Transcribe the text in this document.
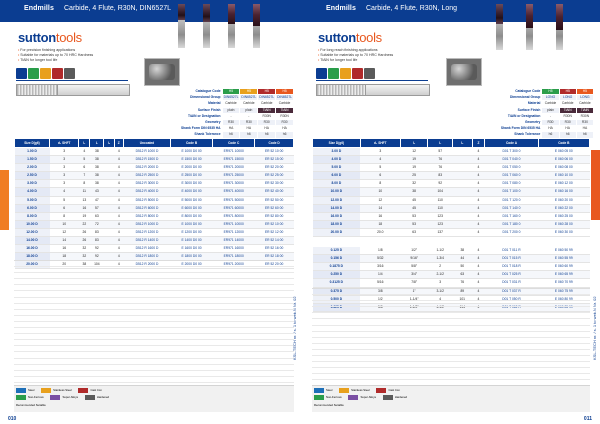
Endmills Carbide, 4 Flute, R30N, DIN6527L
suttontools
• For precision finishing applications
• Suitable for materials up to 70 HRC Hardness
• TiAlN for longer tool life
Catalogue Code	H5	H5	H5	H5
Dimensional Group	DIN6527L	DIN6527L	DIN6527L	DIN6527L
Material	Carbide	Carbide	Carbide	Carbide
Surface Finish	plain	plain	TiAlN	TiAlN
TiAlN or Designation	-	-	R30N	R30N
Geometry	R30	R30	R30	R30
Shank Form DIN 6535 HA	HA	HA	HA	HA
Shank Tolerance	h6	h6	h6	h6
Size D(g6)	d₁ SHFT	l₁	L	l₂	Z	Uncoated	Code B	Code C	Code D
1.00 D	3	4	38		4	D512 R 1000 D	E 1000 D0 00	ER971 10000	ER 52 10 00
1.50 D	3	5	38		4	D512 R 1500 D	E 1500 D0 00	ER971 15000	ER 52 15 00
2.00 D	3	6	38		4	D512 R 2000 D	E 2000 D0 00	ER971 20000	ER 52 20 00
2.50 D	3	7	38		4	D512 R 2500 D	E 2500 D0 00	ER971 25000	ER 52 25 00
3.00 D	3	8	38		4	D512 R 3000 D	E 3000 D0 00	ER971 30000	ER 52 30 00
4.00 D	4	11	43		4	D512 R 4000 D	E 4000 D0 00	ER971 40000	ER 52 40 00
5.00 D	5	13	47		4	D512 R 5000 D	E 5000 D0 00	ER971 50000	ER 52 50 00
6.00 D	6	16	57		4	D512 R 6000 D	E 6000 D0 00	ER971 60000	ER 52 60 00
8.00 D	8	19	63		4	D512 R 8000 D	E 8000 D0 00	ER971 80000	ER 52 80 00
10.00 D	10	22	72		4	D512 R 1000 D	E 1000 D0 00	ER971 10000	ER 52 10 00
12.00 D	12	26	83		4	D512 R 1200 D	E 1200 D0 00	ER971 12000	ER 52 12 00
14.00 D	14	26	83		4	D512 R 1400 D	E 1400 D0 00	ER971 14000	ER 52 14 00
16.00 D	16	32	92		4	D512 R 1600 D	E 1600 D0 00	ER971 16000	ER 52 16 00
18.00 D	18	32	92		4	D512 R 1800 D	E 1800 D0 00	ER971 18000	ER 52 18 00
20.00 D	20	38	104		4	D512 R 2000 D	E 2000 D0 00	ER971 20000	ER 52 20 00
Steel	Stainless Steel	Cast Iron
Non-Ferrous	Super Alloys	Hardened
Recommended Suitable
010
Endmills Carbide, 4 Flute, R30N, Long
suttontools
• For long reach finishing applications
• Suitable for materials up to 70 HRC Hardness
• TiAlN for longer tool life
Catalogue Code	H5	H5	H5
Dimensional Group	LONG	LONG	LONG
Material	Carbide	Carbide	Carbide
Surface Finish	plain	TiAlN	TiAlN
TiAlN or Designation	-	R30N	R30N
Geometry	R30	R30	R30
Shank Form DIN 6535 HA	HA	HA	HA
Shank Tolerance	h6	h6	h6
Size D(g6)	d₁ SHFT	l₁	L	l₂	Z	Code A	Code B
3.00 D	3	12	57		4	D01 T 300 0	E 060 05 00
4.00 D	4	19	76		4	D01 T 040 0	E 060 06 00
5.00 D	5	19	76		4	D01 T 050 0	E 060 08 00
6.00 D	6	25	83		4	D01 T 060 0	E 060 10 00
8.00 D	8	32	92		4	D01 T 080 0	E 060 12 00
10.00 D	10	38	104		4	D01 T 100 0	E 060 16 00
12.00 D	12	45	110		4	D01 T 120 0	E 060 20 00
14.00 D	14	45	110		4	D01 T 140 0	E 060 22 00
16.00 D	16	53	123		4	D01 T 160 0	E 060 25 00
18.00 D	18	53	123		4	D01 T 180 0	E 060 28 00
20.00 D	20.0	63	137		4	D01 T 200 0	E 060 30 00

0.125 D	1/8	1/2”	1-1/2	38	4	D01 T 011 R	E 060 50 99
0.156 D	5/32	9/16”	1-3/4	44	4	D01 T 015 R	E 060 55 99
0.1875 D	3/16	5/8”	2	50	4	D01 T 018 R	E 060 60 99
0.250 D	1/4	3/4”	2-1/2	63	4	D01 T 025 R	E 060 65 99
0.3125 D	5/16	7/8”	3	76	4	D01 T 031 R	E 060 70 99
0.375 D	3/8	1”	3-1/2	89	4	D01 T 037 R	E 060 75 99
0.500 D	1/2	1-1/4”	4	101	4	D01 T 050 R	E 060 80 99
0.625 D	5/8	1-1/2”	4-1/2	114	4	D01 T 062 R	E 060 85 99
Steel	Stainless Steel	Cast Iron
Non-Ferrous	Super Alloys	Hardened
Recommended Suitable
011
KSL-TECH nr. / s. 1 to wek.N Nr. 02
KSL-TECH nr. / s. 1 to wek.N Nr. 02
